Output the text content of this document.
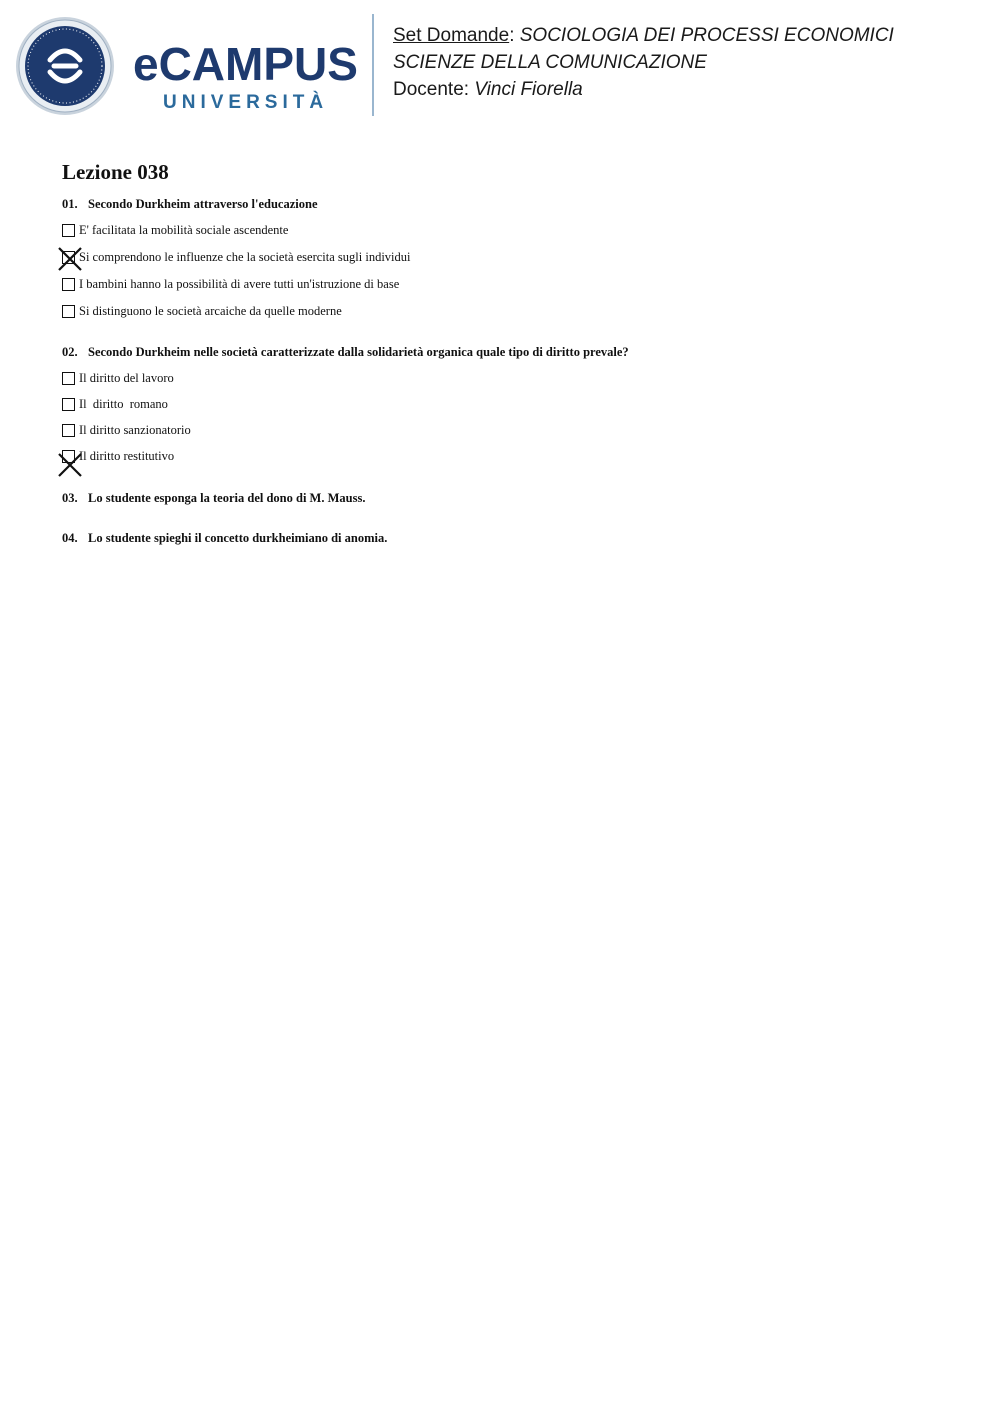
eCAMPUS
UNIVERSITÀ
Set Domande: SOCIOLOGIA DEI PROCESSI ECONOMICI
SCIENZE DELLA COMUNICAZIONE
Docente: Vinci Fiorella
Lezione 038
01. Secondo Durkheim attraverso l'educazione
E' facilitata la mobilità sociale ascendente
Si comprendono le influenze che la società esercita sugli individui
I bambini hanno la possibilità di avere tutti un'istruzione di base
Si distinguono le società arcaiche da quelle moderne
02. Secondo Durkheim nelle società caratterizzate dalla solidarietà organica quale tipo di diritto prevale?
Il diritto del lavoro
Il  diritto  romano
Il diritto sanzionatorio
Il diritto restitutivo
03. Lo studente esponga la teoria del dono di M. Mauss.
04. Lo studente spieghi il concetto durkheimiano di anomia.
